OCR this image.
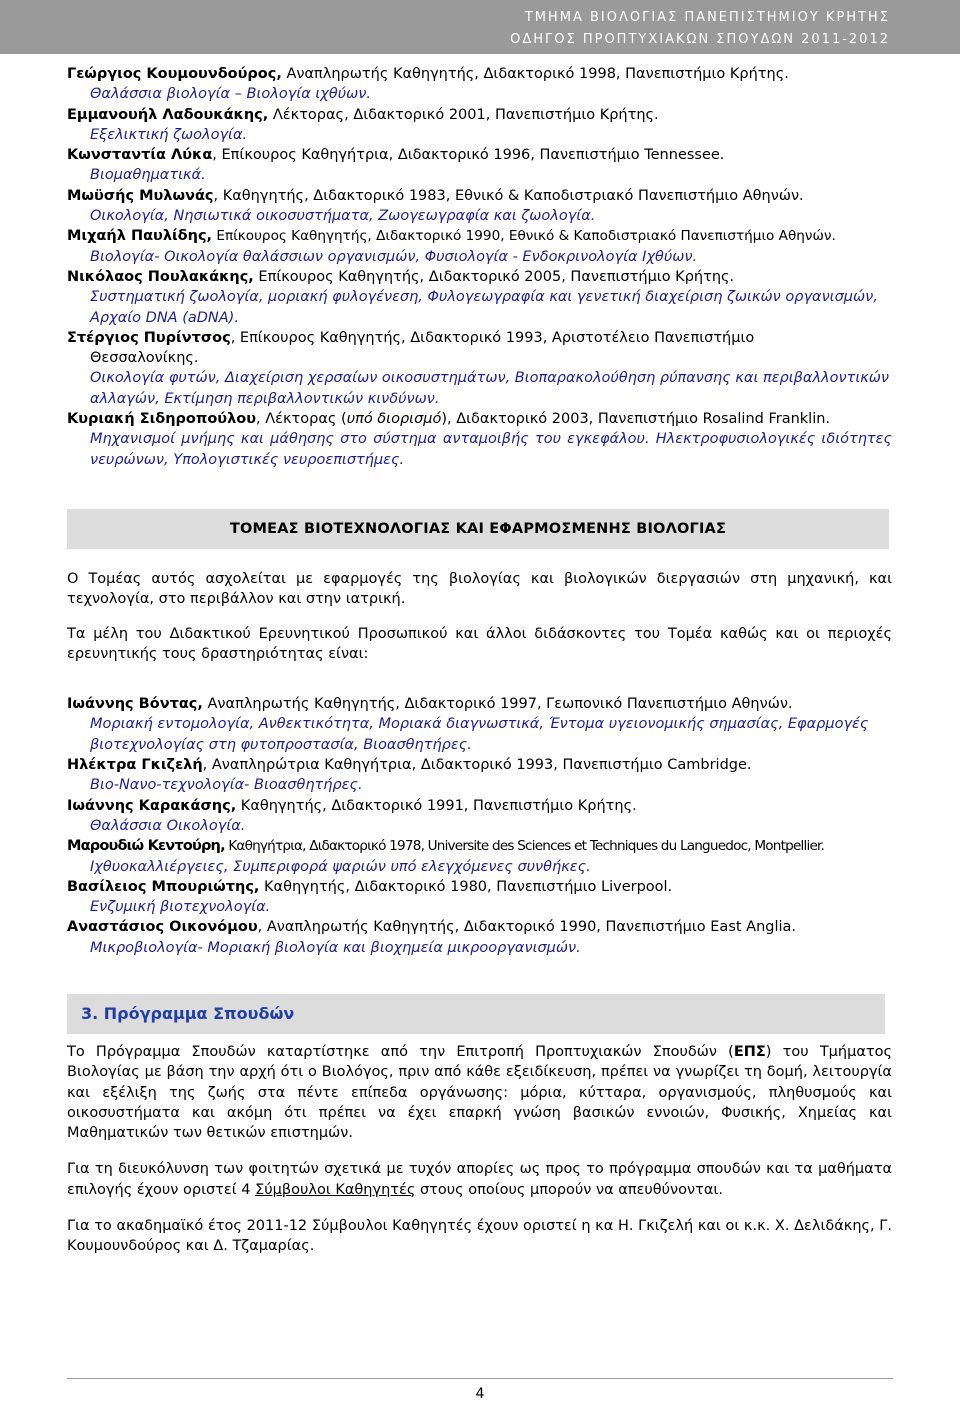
ΤΜΗΜΑ ΒΙΟΛΟΓΙΑΣ ΠΑΝΕΠΙΣΤΗΜΙΟΥ ΚΡΗΤΗΣ
ΟΔΗΓΟΣ ΠΡΟΠΤΥΧΙΑΚΩΝ ΣΠΟΥΔΩΝ 2011-2012

Γεώργιος Κουμουνδούρος, Αναπληρωτής Καθηγητής, Διδακτορικό 1998, Πανεπιστήμιο Κρήτης.
Θαλάσσια βιολογία – Βιολογία ιχθύων.

Εμμανουήλ Λαδουκάκης, Λέκτορας, Διδακτορικό 2001, Πανεπιστήμιο Κρήτης.
Εξελικτική ζωολογία.

Κωνσταντία Λύκα, Επίκουρος Καθηγήτρια, Διδακτορικό 1996, Πανεπιστήμιο Tennessee.
Βιομαθηματικά.

Μωϋσής Μυλωνάς, Καθηγητής, Διδακτορικό 1983, Εθνικό & Καποδιστριακό Πανεπιστήμιο Αθηνών.
Οικολογία, Νησιωτικά οικοσυστήματα, Ζωογεωγραφία και ζωολογία.

Μιχαήλ Παυλίδης, Επίκουρος Καθηγητής, Διδακτορικό 1990, Εθνικό & Καποδιστριακό Πανεπιστήμιο Αθηνών.
Βιολογία- Οικολογία θαλάσσιων οργανισμών, Φυσιολογία - Ενδοκρινολογία Ιχθύων.

Νικόλαος Πουλακάκης, Επίκουρος Καθηγητής, Διδακτορικό 2005, Πανεπιστήμιο Κρήτης.
Συστηματική ζωολογία, μοριακή φυλογένεση, Φυλογεωγραφία και γενετική διαχείριση ζωικών οργανισμών, Αρχαίο DNA (aDNA).

Στέργιος Πυρίντσος, Επίκουρος Καθηγητής, Διδακτορικό 1993, Αριστοτέλειο Πανεπιστήμιο
Θεσσαλονίκης.
Οικολογία φυτών, Διαχείριση χερσαίων οικοσυστημάτων, Βιοπαρακολούθηση ρύπανσης και περιβαλλοντικών αλλαγών, Εκτίμηση περιβαλλοντικών κινδύνων.

Κυριακή Σιδηροπούλου, Λέκτορας (υπό διορισμό), Διδακτορικό 2003, Πανεπιστήμιο Rosalind Franklin.
Μηχανισμοί μνήμης και μάθησης στο σύστημα ανταμοιβής του εγκεφάλου. Ηλεκτροφυσιολογικές ιδιότητες νευρώνων, Υπολογιστικές νευροεπιστήμες.

ΤΟΜΕΑΣ ΒΙΟΤΕΧΝΟΛΟΓΙΑΣ ΚΑΙ ΕΦΑΡΜΟΣΜΕΝΗΣ ΒΙΟΛΟΓΙΑΣ

Ο Τομέας αυτός ασχολείται με εφαρμογές της βιολογίας και βιολογικών διεργασιών στη μηχανική, και τεχνολογία, στο περιβάλλον και στην ιατρική.

Τα μέλη του Διδακτικού Ερευνητικού Προσωπικού και άλλοι διδάσκοντες του Τομέα καθώς και οι περιοχές ερευνητικής τους δραστηριότητας είναι:

Ιωάννης Βόντας, Αναπληρωτής Καθηγητής, Διδακτορικό 1997, Γεωπονικό Πανεπιστήμιο Αθηνών.
Μοριακή εντομολογία, Ανθεκτικότητα, Μοριακά διαγνωστικά, Έντομα υγειονομικής σημασίας, Εφαρμογές βιοτεχνολογίας στη φυτοπροστασία, Βιοασθητήρες.

Ηλέκτρα Γκιζελή, Αναπληρώτρια Καθηγήτρια, Διδακτορικό 1993, Πανεπιστήμιο Cambridge.
Βιο-Νανο-τεχνολογία- Βιοασθητήρες.

Ιωάννης Καρακάσης, Καθηγητής, Διδακτορικό 1991, Πανεπιστήμιο Κρήτης.
Θαλάσσια Οικολογία.

Μαρουδιώ Κεντούρη, Καθηγήτρια, Διδακτορικό 1978, Universite des Sciences et Techniques du Languedoc, Montpellier.
Ιχθυοκαλλιέργειες, Συμπεριφορά ψαριών υπό ελεγχόμενες συνθήκες.

Βασίλειος Μπουριώτης, Καθηγητής, Διδακτορικό 1980, Πανεπιστήμιο Liverpool.
Ενζυμική βιοτεχνολογία.

Αναστάσιος Οικονόμου, Αναπληρωτής Καθηγητής, Διδακτορικό 1990, Πανεπιστήμιο East Anglia.
Μικροβιολογία- Μοριακή βιολογία και βιοχημεία μικροοργανισμών.

3. Πρόγραμμα Σπουδών

Το Πρόγραμμα Σπουδών καταρτίστηκε από την Επιτροπή Προπτυχιακών Σπουδών (ΕΠΣ) του Τμήματος Βιολογίας με βάση την αρχή ότι ο Βιολόγος, πριν από κάθε εξειδίκευση, πρέπει να γνωρίζει τη δομή, λειτουργία και εξέλιξη της ζωής στα πέντε επίπεδα οργάνωσης: μόρια, κύτταρα, οργανισμούς, πληθυσμούς και οικοσυστήματα και ακόμη ότι πρέπει να έχει επαρκή γνώση βασικών εννοιών, Φυσικής, Χημείας και Μαθηματικών των θετικών επιστημών.

Για τη διευκόλυνση των φοιτητών σχετικά με τυχόν απορίες ως προς το πρόγραμμα σπουδών και τα μαθήματα επιλογής έχουν οριστεί 4 Σύμβουλοι Καθηγητές στους οποίους μπορούν να απευθύνονται.

Για το ακαδημαϊκό έτος 2011-12 Σύμβουλοι Καθηγητές έχουν οριστεί η κα Η. Γκιζελή και οι κ.κ. Χ. Δελιδάκης, Γ. Κουμουνδούρος και Δ. Τζαμαρίας.

4
